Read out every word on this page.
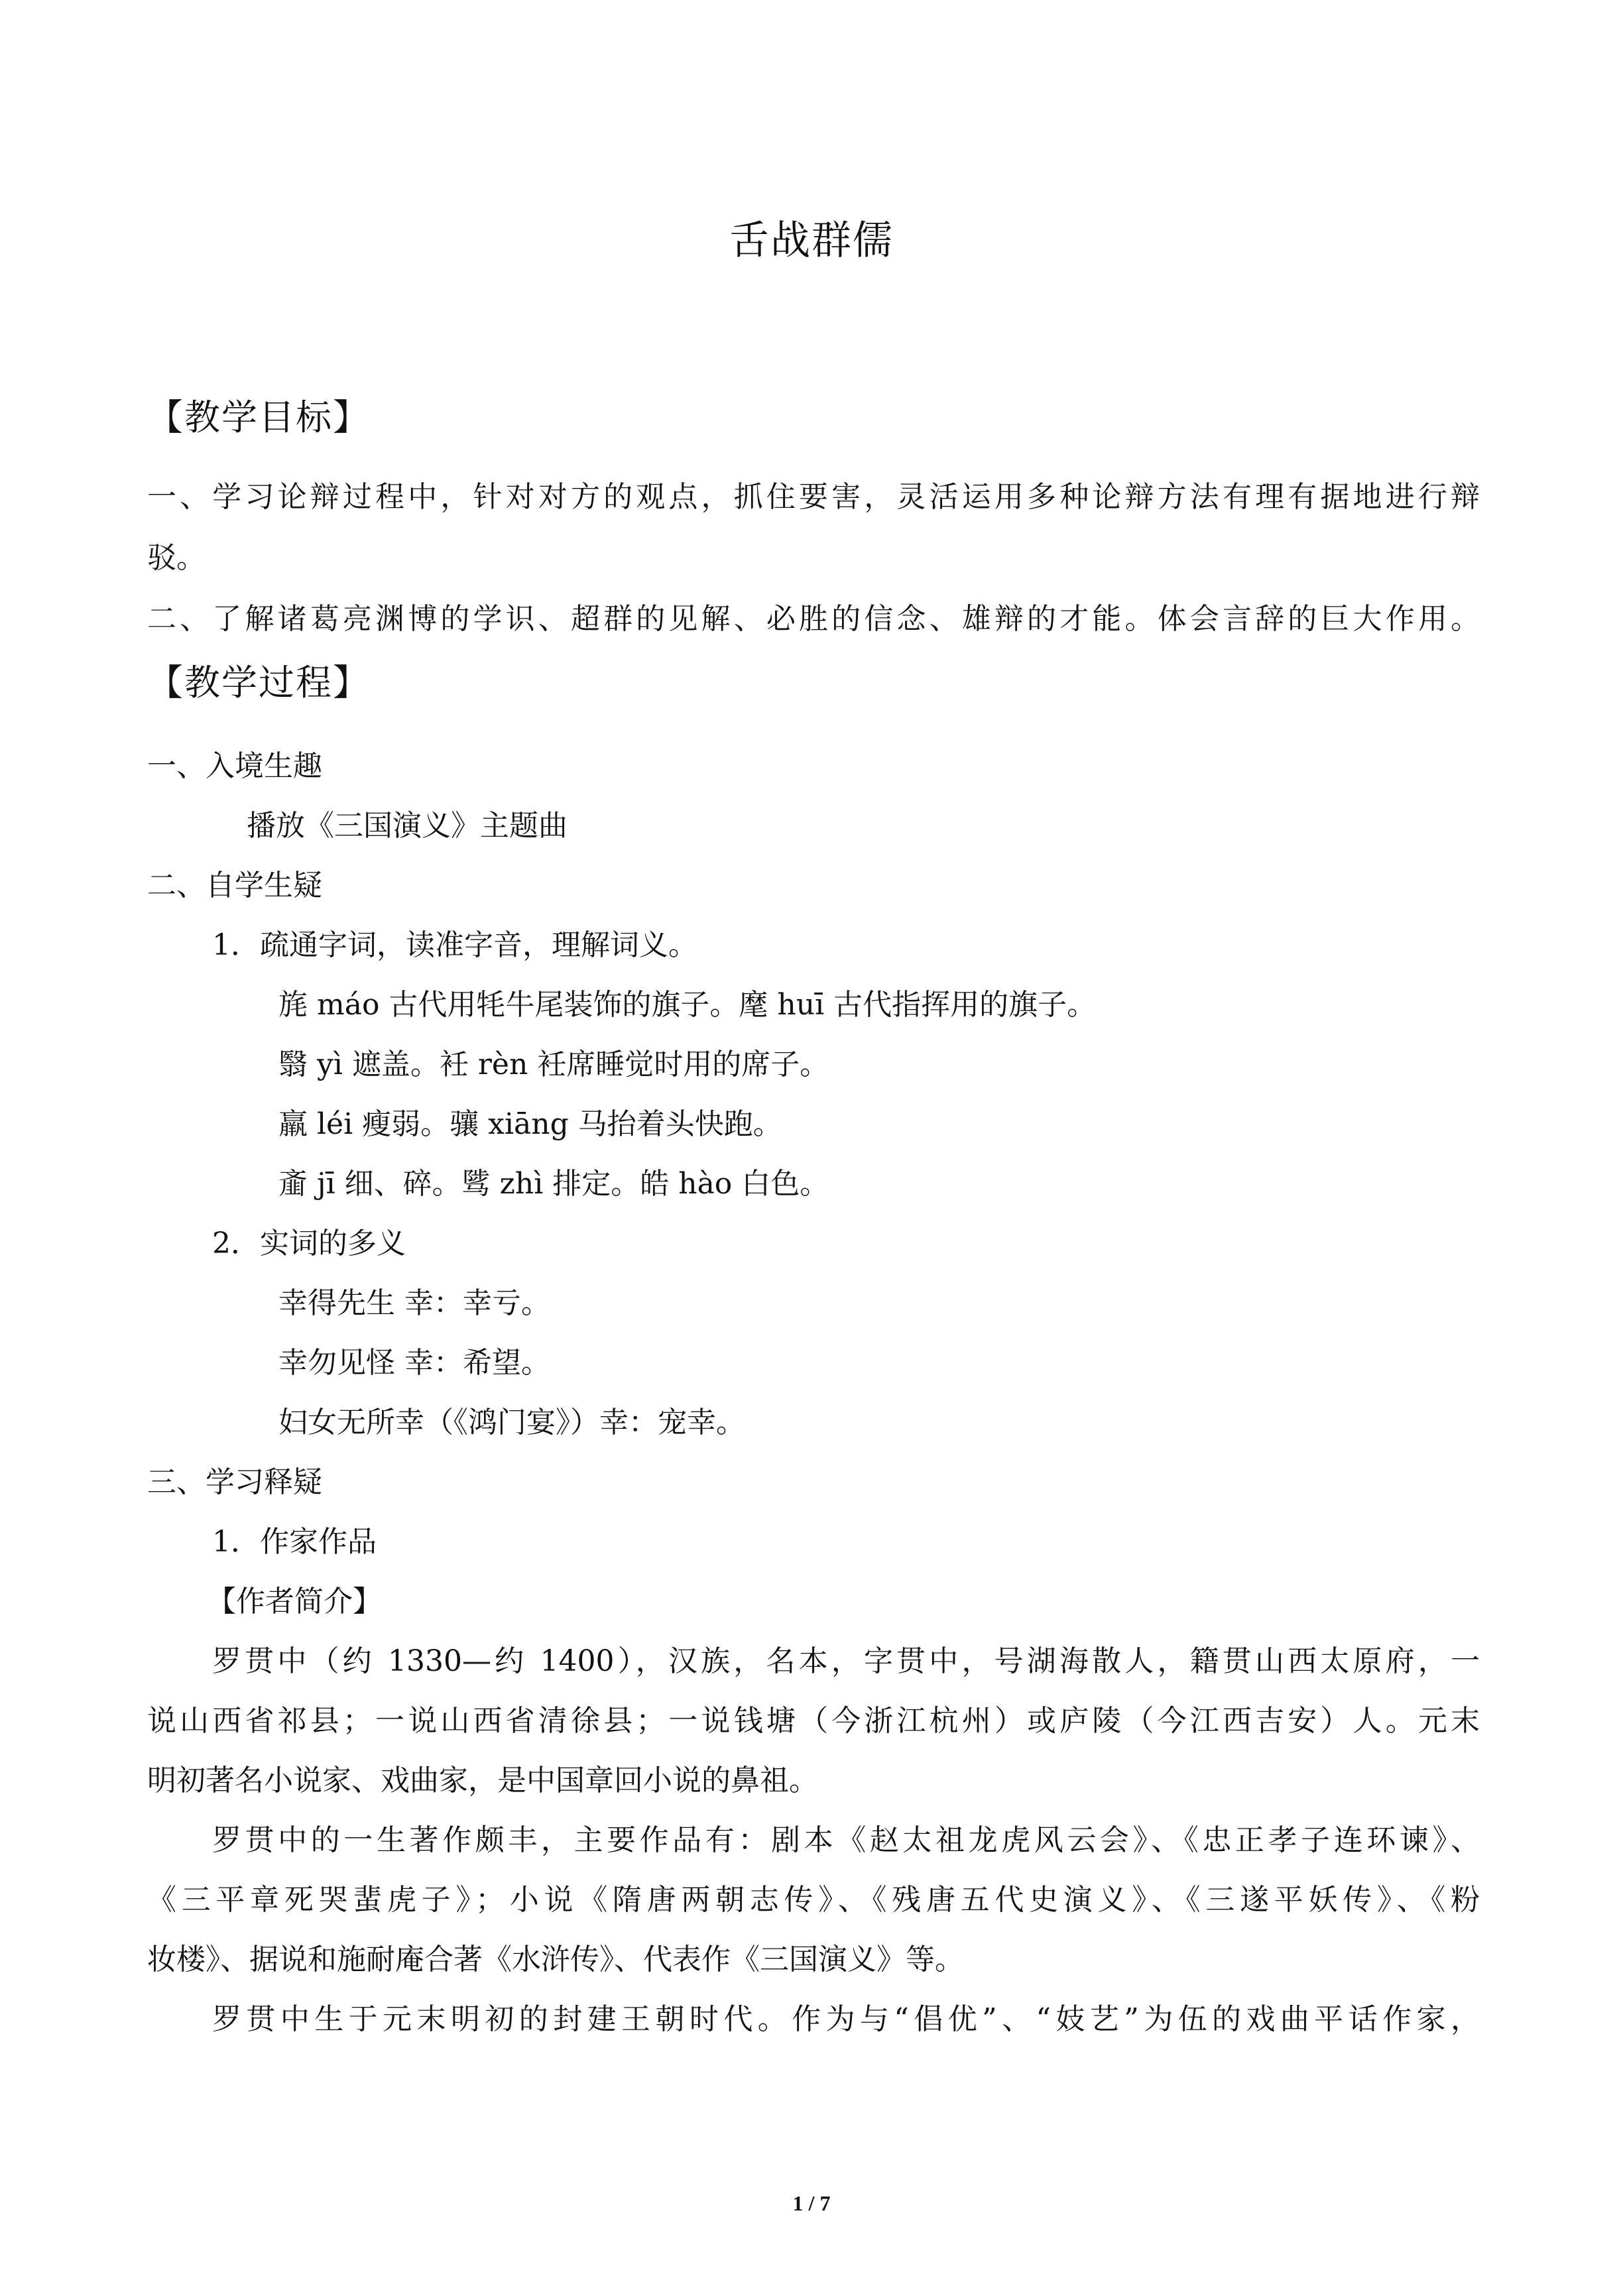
舌战群儒
【教学目标】
一、学习论辩过程中，针对对方的观点，抓住要害，灵活运用多种论辩方法有理有据地进行辩
驳。
二、了解诸葛亮渊博的学识、超群的见解、必胜的信念、雄辩的才能。体会言辞的巨大作用。
【教学过程】
一、入境生趣
播放《三国演义》主题曲
二、自学生疑
1．疏通字词，读准字音，理解词义。
旄 máo 古代用牦牛尾装饰的旗子。麾 huī 古代指挥用的旗子。
翳 yì 遮盖。衽 rèn 衽席睡觉时用的席子。
羸 léi 瘦弱。骧 xiāng 马抬着头快跑。
齑 jī 细、碎。骘 zhì 排定。皓 hào 白色。
2．实词的多义
幸得先生 幸：幸亏。
幸勿见怪 幸：希望。
妇女无所幸（《鸿门宴》）幸：宠幸。
三、学习释疑
1．作家作品
【作者简介】
罗贯中（约 1330—约 1400），汉族，名本，字贯中，号湖海散人，籍贯山西太原府，一
说山西省祁县；一说山西省清徐县；一说钱塘（今浙江杭州）或庐陵（今江西吉安）人。元末
明初著名小说家、戏曲家，是中国章回小说的鼻祖。
罗贯中的一生著作颇丰，主要作品有：剧本《赵太祖龙虎风云会》、《忠正孝子连环谏》、
《三平章死哭蜚虎子》；小说《隋唐两朝志传》、《残唐五代史演义》、《三遂平妖传》、《粉
妆楼》、据说和施耐庵合著《水浒传》、代表作《三国演义》等。
罗贯中生于元末明初的封建王朝时代。作为与“倡优”、“妓艺”为伍的戏曲平话作家，
1 / 7
